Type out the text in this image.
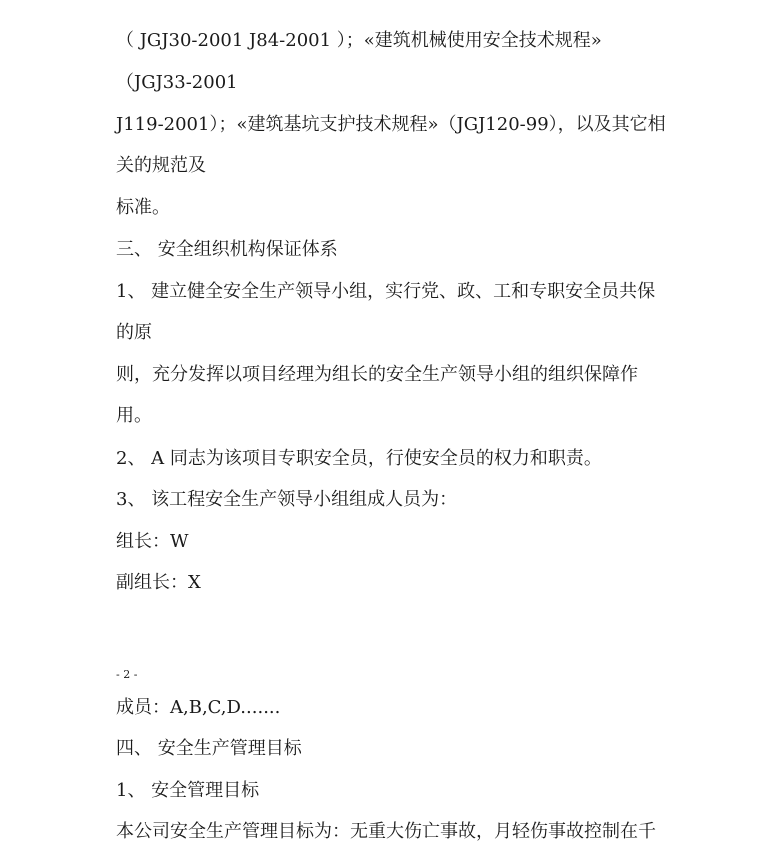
（ JGJ30-2001 J84-2001 ）；«建筑机械使用安全技术规程»
（JGJ33-2001
J119-2001）；«建筑基坑支护技术规程»（JGJ120-99），以及其它相
关的规范及
标准。
三、 安全组织机构保证体系
1、 建立健全安全生产领导小组，实行党、政、工和专职安全员共保
的原
则，充分发挥以项目经理为组长的安全生产领导小组的组织保障作
用。
2、 A 同志为该项目专职安全员，行使安全员的权力和职责。
3、 该工程安全生产领导小组组成人员为：
组长：W
副组长：X
- 2 -
成员：A,B,C,D.......
四、 安全生产管理目标
1、 安全管理目标
本公司安全生产管理目标为：无重大伤亡事故，月轻伤事故控制在千
